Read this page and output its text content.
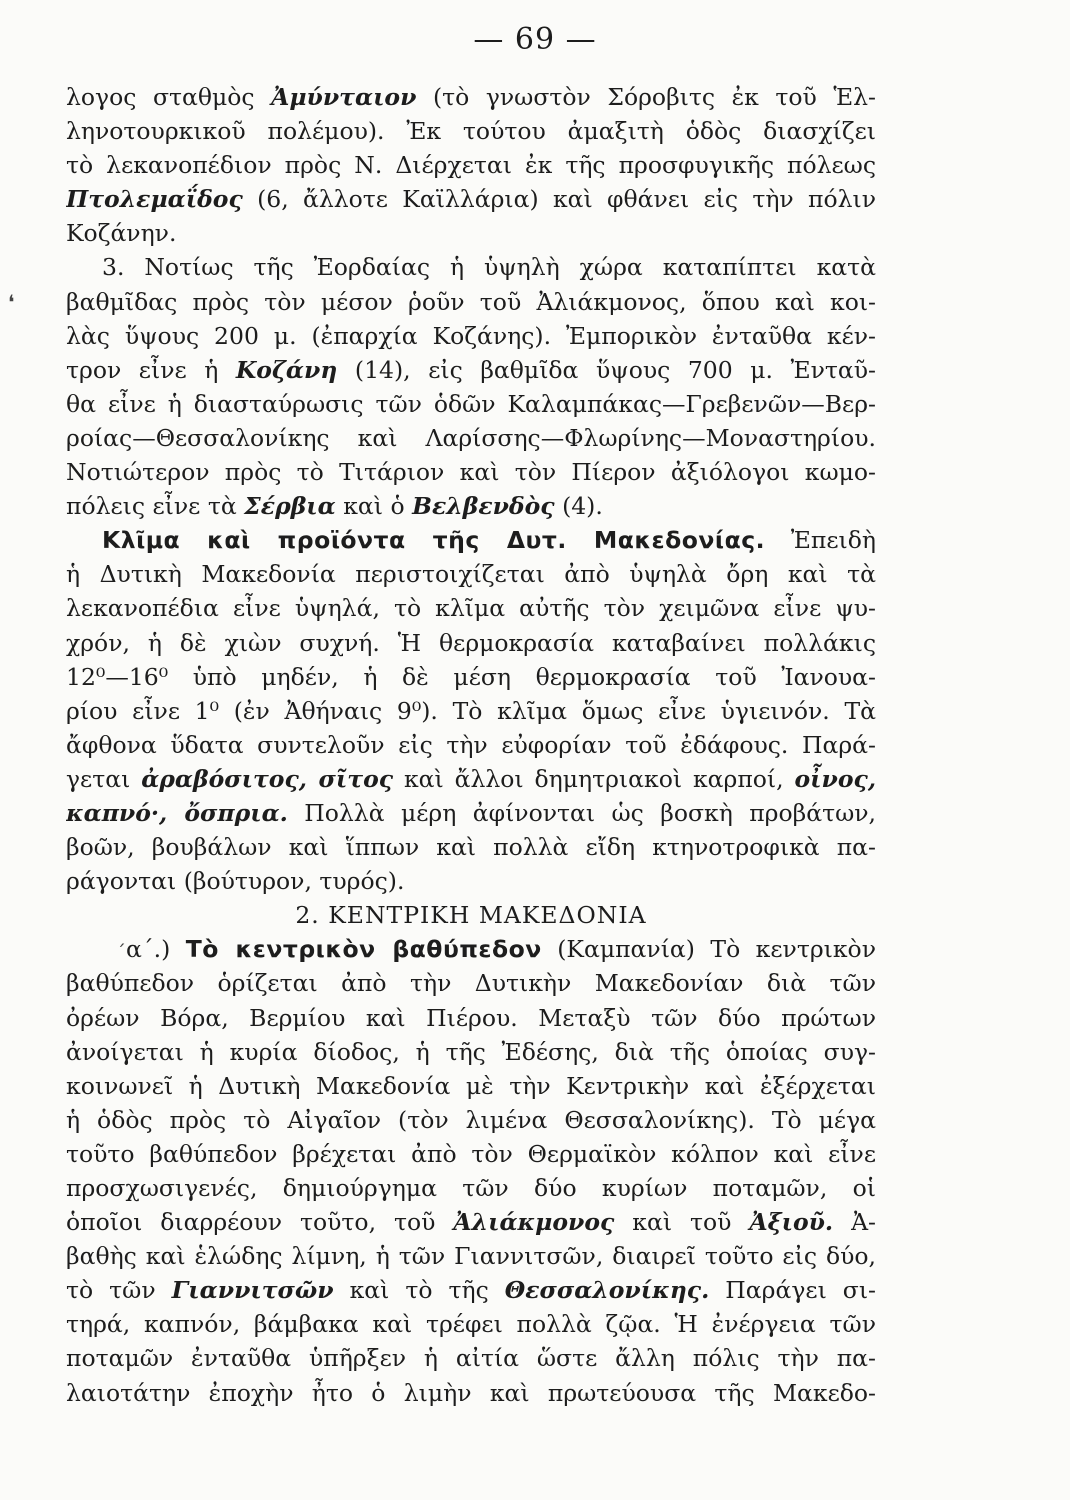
— 69 —
λογος σταθμὸς Ἀμύνταιον (τὸ γνωστὸν Σόροβιτς ἐκ τοῦ Ἑλ-
ληνοτουρκικοῦ πολέμου). Ἐκ τούτου ἀμαξιτὴ ὁδὸς διασχίζει
τὸ λεκανοπέδιον πρὸς Ν. Διέρχεται ἐκ τῆς προσφυγικῆς πόλεως
Πτολεμαΐδος (6, ἄλλοτε Καϊλλάρια) καὶ φθάνει εἰς τὴν πόλιν
Κοζάνην.
3. Νοτίως τῆς Ἐορδαίας ἡ ὑψηλὴ χώρα καταπίπτει κατὰ
βαθμῖδας πρὸς τὸν μέσον ῥοῦν τοῦ Ἀλιάκμονος, ὅπου καὶ κοι-
λὰς ὕψους 200 μ. (ἐπαρχία Κοζάνης). Ἐμπορικὸν ἐνταῦθα κέν-
τρον εἶνε ἡ Κοζάνη (14), εἰς βαθμῖδα ὕψους 700 μ. Ἐνταῦ-
θα εἶνε ἡ διασταύρωσις τῶν ὁδῶν Καλαμπάκας—Γρεβενῶν—Βερ-
ροίας—Θεσσαλονίκης καὶ Λαρίσσης—Φλωρίνης—Μοναστηρίου.
Νοτιώτερον πρὸς τὸ Τιτάριον καὶ τὸν Πίερον ἀξιόλογοι κωμο-
πόλεις εἶνε τὰ Σέρβια καὶ ὁ Βελβενδὸς (4).
Κλῖμα καὶ προϊόντα τῆς Δυτ. Μακεδονίας. Ἐπειδὴ
ἡ Δυτικὴ Μακεδονία περιστοιχίζεται ἀπὸ ὑψηλὰ ὄρη καὶ τὰ
λεκανοπέδια εἶνε ὑψηλά, τὸ κλῖμα αὐτῆς τὸν χειμῶνα εἶνε ψυ-
χρόν, ἡ δὲ χιὼν συχνή. Ἡ θερμοκρασία καταβαίνει πολλάκις
12⁰—16⁰ ὑπὸ μηδέν, ἡ δὲ μέση θερμοκρασία τοῦ Ἰανουα-
ρίου εἶνε 1⁰ (ἐν Ἀθήναις 9⁰). Τὸ κλῖμα ὅμως εἶνε ὑγιεινόν. Τὰ
ἄφθονα ὕδατα συντελοῦν εἰς τὴν εὐφορίαν τοῦ ἐδάφους. Παρά-
γεται ἀραβόσιτος, σῖτος καὶ ἄλλοι δημητριακοὶ καρποί, οἶνος,
καπνό·, ὄσπρια. Πολλὰ μέρη ἀφίνονται ὡς βοσκὴ προβάτων,
βοῶν, βουβάλων καὶ ἵππων καὶ πολλὰ εἴδη κτηνοτροφικὰ πα-
ράγονται (βούτυρον, τυρός).
2. ΚΕΝΤΡΙΚΗ ΜΑΚΕΔΟΝΙΑ
α΄.) Τὸ κεντρικὸν βαθύπεδον (Καμπανία) Τὸ κεντρικὸν
βαθύπεδον ὁρίζεται ἀπὸ τὴν Δυτικὴν Μακεδονίαν διὰ τῶν
ὀρέων Βόρα, Βερμίου καὶ Πιέρου. Μεταξὺ τῶν δύο πρώτων
ἀνοίγεται ἡ κυρία δίοδος, ἡ τῆς Ἐδέσης, διὰ τῆς ὁποίας συγ-
κοινωνεῖ ἡ Δυτικὴ Μακεδονία μὲ τὴν Κεντρικὴν καὶ ἐξέρχεται
ἡ ὁδὸς πρὸς τὸ Αἰγαῖον (τὸν λιμένα Θεσσαλονίκης). Τὸ μέγα
τοῦτο βαθύπεδον βρέχεται ἀπὸ τὸν Θερμαϊκὸν κόλπον καὶ εἶνε
προσχωσιγενές, δημιούργημα τῶν δύο κυρίων ποταμῶν, οἱ
ὁποῖοι διαρρέουν τοῦτο, τοῦ Ἀλιάκμονος καὶ τοῦ Ἀξιοῦ. Ἀ-
βαθὴς καὶ ἑλώδης λίμνη, ἡ τῶν Γιαννιτσῶν, διαιρεῖ τοῦτο εἰς δύο,
τὸ τῶν Γιαννιτσῶν καὶ τὸ τῆς Θεσσαλονίκης. Παράγει σι-
τηρά, καπνόν, βάμβακα καὶ τρέφει πολλὰ ζῷα. Ἡ ἐνέργεια τῶν
ποταμῶν ἐνταῦθα ὑπῆρξεν ἡ αἰτία ὥστε ἄλλη πόλις τὴν πα-
λαιοτάτην ἐποχὴν ἦτο ὁ λιμὴν καὶ πρωτεύουσα τῆς Μακεδο-
❛
ˊ
